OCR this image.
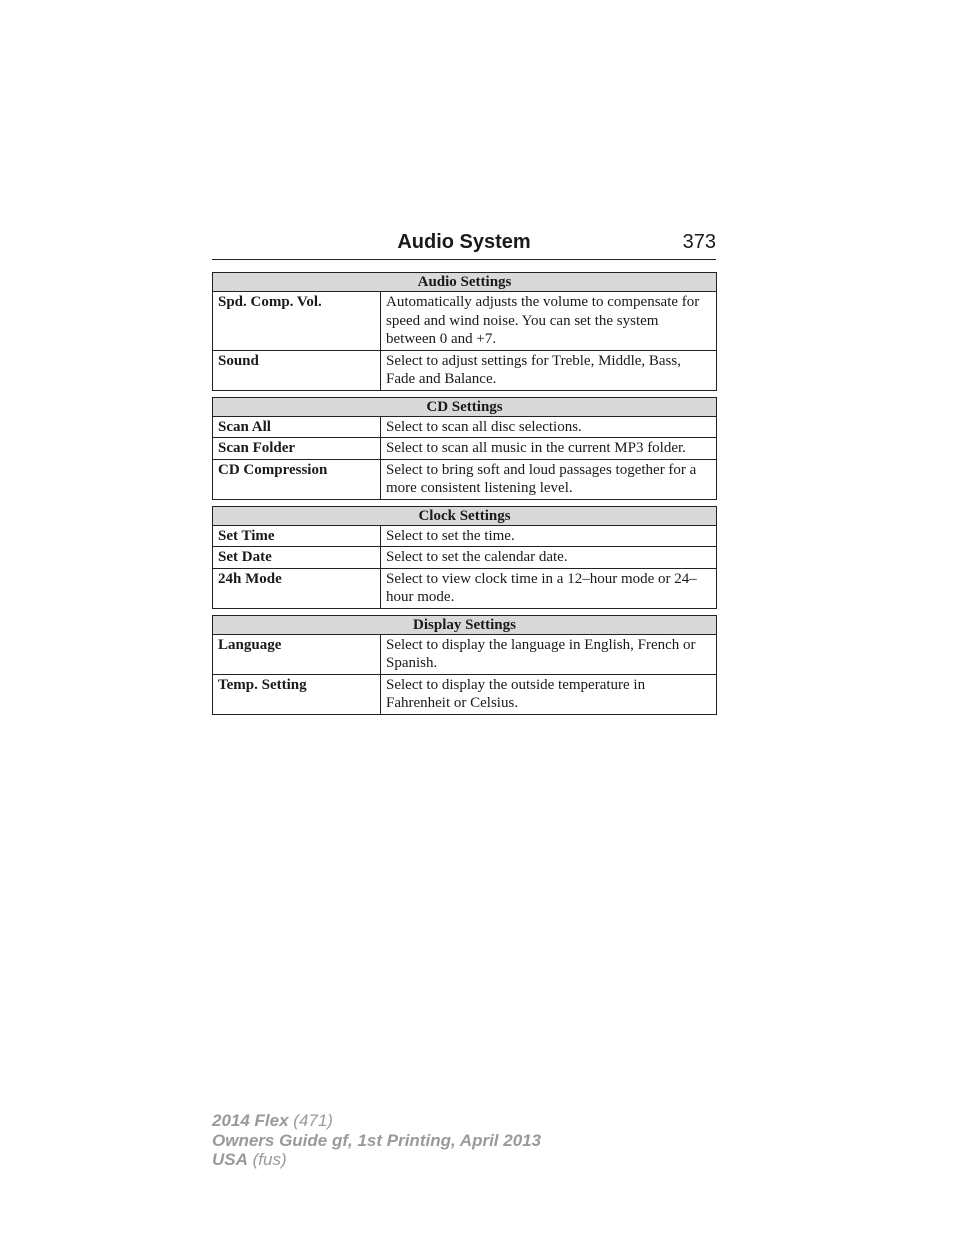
Audio System	373
Audio Settings	
Spd. Comp. Vol.	Automatically adjusts the volume to compensate for speed and wind noise. You can set the system between 0 and +7.
Sound	Select to adjust settings for Treble, Middle, Bass, Fade and Balance.
CD Settings	
Scan All	Select to scan all disc selections.
Scan Folder	Select to scan all music in the current MP3 folder.
CD Compression	Select to bring soft and loud passages together for a more consistent listening level.
Clock Settings	
Set Time	Select to set the time.
Set Date	Select to set the calendar date.
24h Mode	Select to view clock time in a 12–hour mode or 24–hour mode.
Display Settings	
Language	Select to display the language in English, French or Spanish.
Temp. Setting	Select to display the outside temperature in Fahrenheit or Celsius.
2014 Flex (471)
Owners Guide gf, 1st Printing, April 2013
USA (fus)
